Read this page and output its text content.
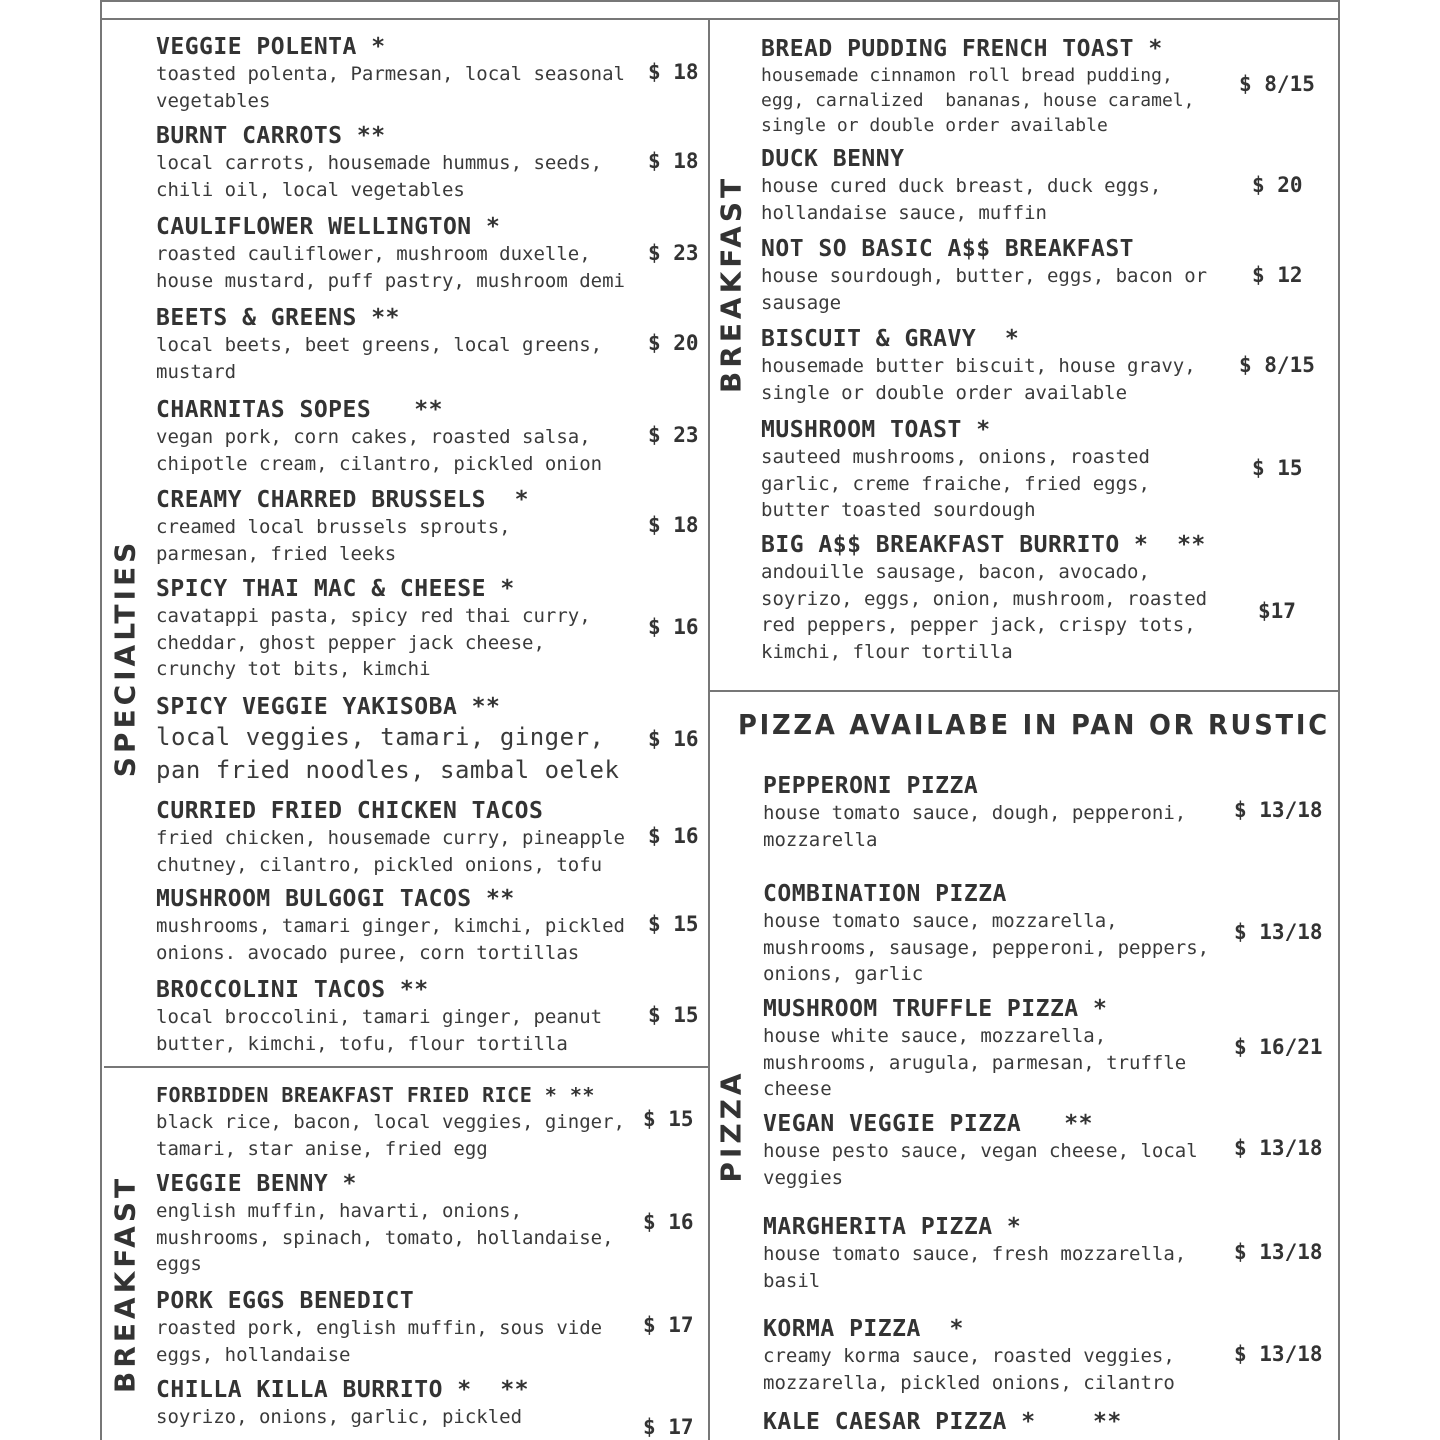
SPECIALTIES
BREAKFAST
BREAKFAST
PIZZA
PIZZA AVAILABE IN PAN OR RUSTIC
VEGGIE POLENTA *
toasted polenta, Parmesan, local seasonal
vegetables
$ 18
BURNT CARROTS **
local carrots, housemade hummus, seeds,
chili oil, local vegetables
$ 18
CAULIFLOWER WELLINGTON *
roasted cauliflower, mushroom duxelle,
house mustard, puff pastry, mushroom demi
$ 23
BEETS & GREENS **
local beets, beet greens, local greens,
mustard
$ 20
CHARNITAS SOPES   **
vegan pork, corn cakes, roasted salsa,
chipotle cream, cilantro, pickled onion
$ 23
CREAMY CHARRED BRUSSELS  *
creamed local brussels sprouts,
parmesan, fried leeks
$ 18
SPICY THAI MAC & CHEESE *
cavatappi pasta, spicy red thai curry,
cheddar, ghost pepper jack cheese,
crunchy tot bits, kimchi
$ 16
SPICY VEGGIE YAKISOBA **
local veggies, tamari, ginger,
pan fried noodles, sambal oelek
$ 16
CURRIED FRIED CHICKEN TACOS
fried chicken, housemade curry, pineapple
chutney, cilantro, pickled onions, tofu
$ 16
MUSHROOM BULGOGI TACOS **
mushrooms, tamari ginger, kimchi, pickled
onions. avocado puree, corn tortillas
$ 15
BROCCOLINI TACOS **
local broccolini, tamari ginger, peanut
butter, kimchi, tofu, flour tortilla
$ 15
FORBIDDEN BREAKFAST FRIED RICE * **
black rice, bacon, local veggies, ginger,
tamari, star anise, fried egg
$ 15
VEGGIE BENNY *
english muffin, havarti, onions,
mushrooms, spinach, tomato, hollandaise,
eggs
$ 16
PORK EGGS BENEDICT
roasted pork, english muffin, sous vide
eggs, hollandaise
$ 17
CHILLA KILLA BURRITO *  **
soyrizo, onions, garlic, pickled	$ 17
BREAD PUDDING FRENCH TOAST *
housemade cinnamon roll bread pudding,
egg, carnalized  bananas, house caramel,
single or double order available
$ 8/15
DUCK BENNY
house cured duck breast, duck eggs,
hollandaise sauce, muffin
$ 20
NOT SO BASIC A$$ BREAKFAST
house sourdough, butter, eggs, bacon or
sausage
$ 12
BISCUIT & GRAVY  *
housemade butter biscuit, house gravy,
single or double order available
$ 8/15
MUSHROOM TOAST *
sauteed mushrooms, onions, roasted
garlic, creme fraiche, fried eggs,
butter toasted sourdough
$ 15
BIG A$$ BREAKFAST BURRITO *  **
andouille sausage, bacon, avocado,
soyrizo, eggs, onion, mushroom, roasted
red peppers, pepper jack, crispy tots,
kimchi, flour tortilla
$17
PEPPERONI PIZZA
house tomato sauce, dough, pepperoni,
mozzarella
$ 13/18
COMBINATION PIZZA
house tomato sauce, mozzarella,
mushrooms, sausage, pepperoni, peppers,
onions, garlic
$ 13/18
MUSHROOM TRUFFLE PIZZA *
house white sauce, mozzarella,
mushrooms, arugula, parmesan, truffle
cheese
$ 16/21
VEGAN VEGGIE PIZZA   **
house pesto sauce, vegan cheese, local
veggies
$ 13/18
MARGHERITA PIZZA *
house tomato sauce, fresh mozzarella,
basil
$ 13/18
KORMA PIZZA  *
creamy korma sauce, roasted veggies,
mozzarella, pickled onions, cilantro
$ 13/18
KALE CAESAR PIZZA *    **
